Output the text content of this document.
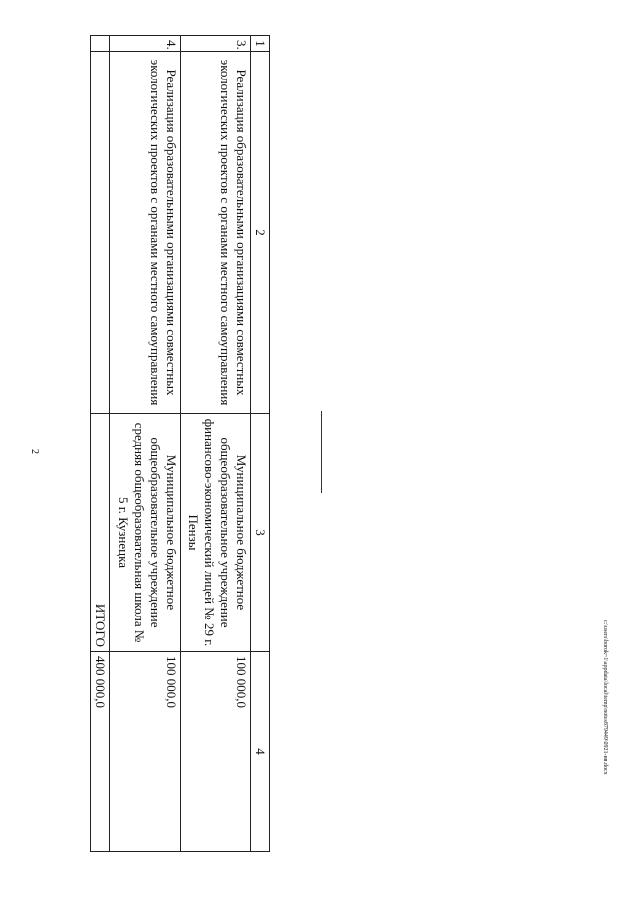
2
1	2	3	4
3.	Реализация образовательными организациями совместных экологических проектов с органами местного самоуправления	Муниципальное бюджетное общеобразовательное учреждение финансово-экономический лицей № 29 г. Пензы	100 000,0
4.	Реализация образовательными организациями совместных экологических проектов с органами местного самоуправления	Муниципальное бюджетное общеобразовательное учреждение средняя общеобразовательная школа № 5 г. Кузнецка	100 000,0
		ИТОГО	400 000,0	c:\users\borok~1\appdata\local\temp\notes879449\0921-ия.docx
